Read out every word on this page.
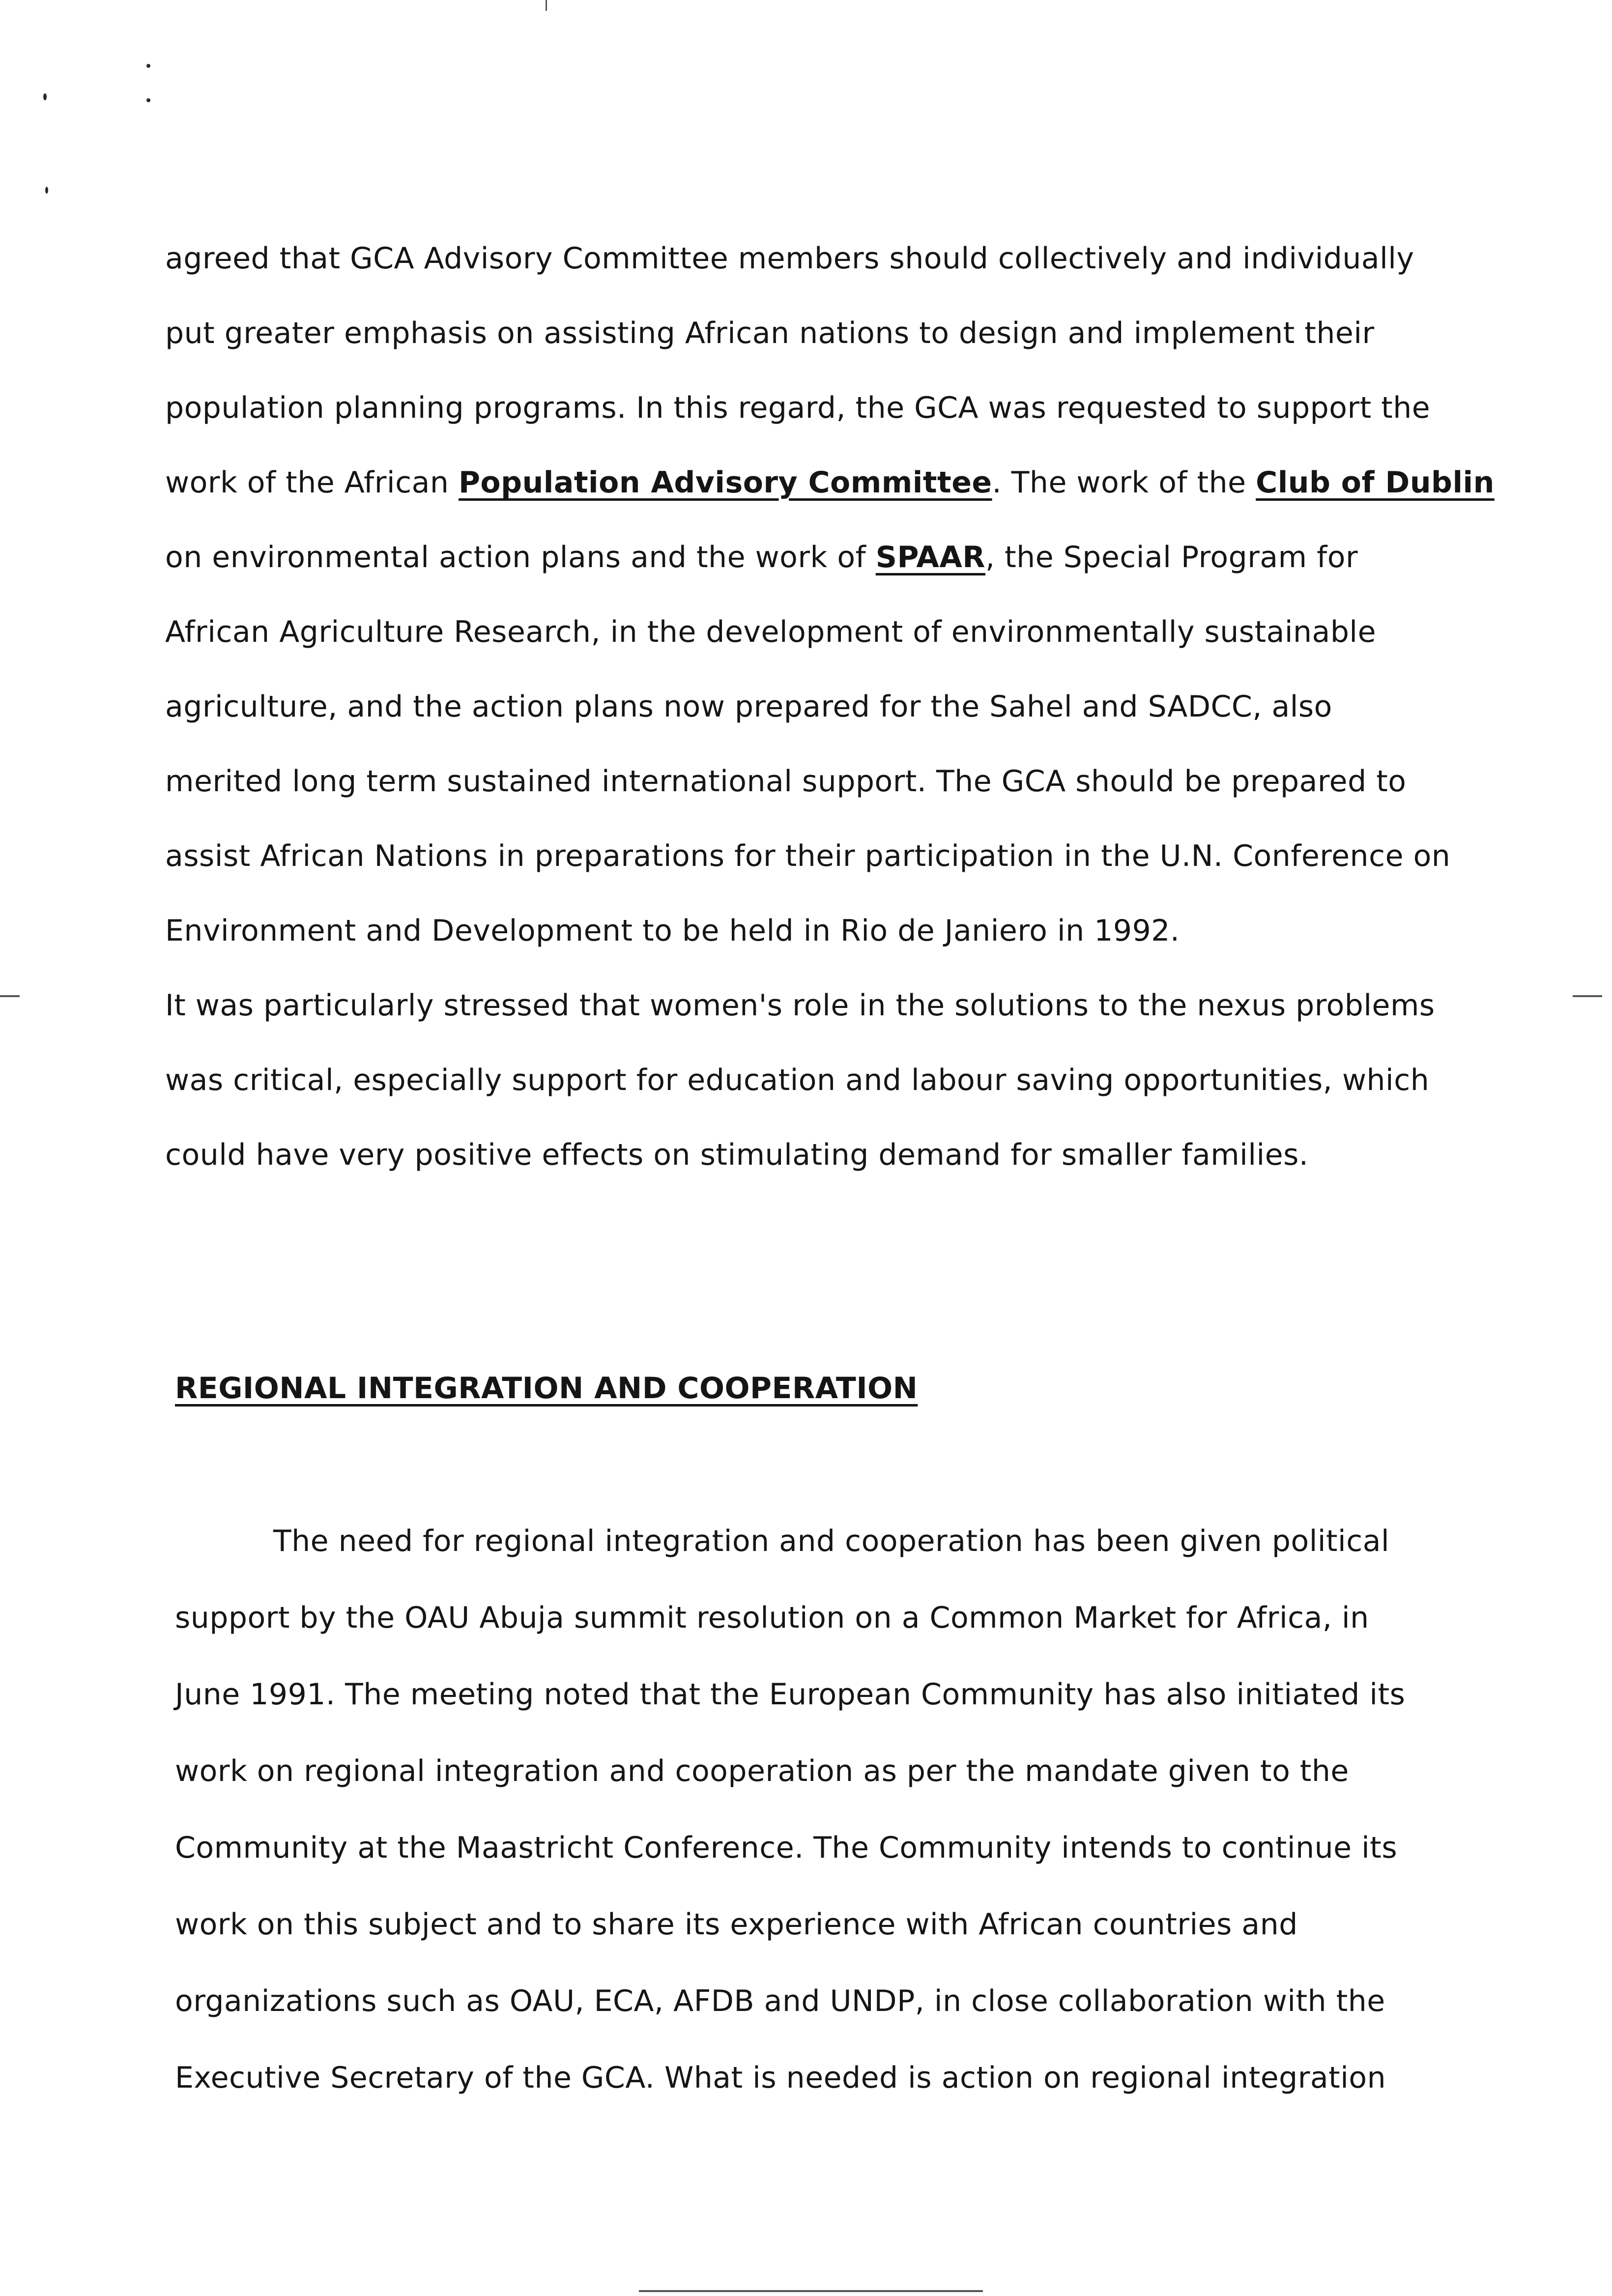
agreed that GCA Advisory Committee members should collectively and individually
put greater emphasis on assisting African nations to design and implement their
population planning programs. In this regard, the GCA was requested to support the
work of the African Population Advisory Committee. The work of the Club of Dublin
on environmental action plans and the work of SPAAR, the Special Program for
African Agriculture Research, in the development of environmentally sustainable
agriculture, and the action plans now prepared for the Sahel and SADCC, also
merited long term sustained international support. The GCA should be prepared to
assist African Nations in preparations for their participation in the U.N. Conference on
Environment and Development to be held in Rio de Janiero in 1992.
It was particularly stressed that women's role in the solutions to the nexus problems
was critical, especially support for education and labour saving opportunities, which
could have very positive effects on stimulating demand for smaller families.
REGIONAL INTEGRATION AND COOPERATION
The need for regional integration and cooperation has been given political
support by the OAU Abuja summit resolution on a Common Market for Africa, in
June 1991. The meeting noted that the European Community has also initiated its
work on regional integration and cooperation as per the mandate given to the
Community at the Maastricht Conference. The Community intends to continue its
work on this subject and to share its experience with African countries and
organizations such as OAU, ECA, AFDB and UNDP, in close collaboration with the
Executive Secretary of the GCA. What is needed is action on regional integration
